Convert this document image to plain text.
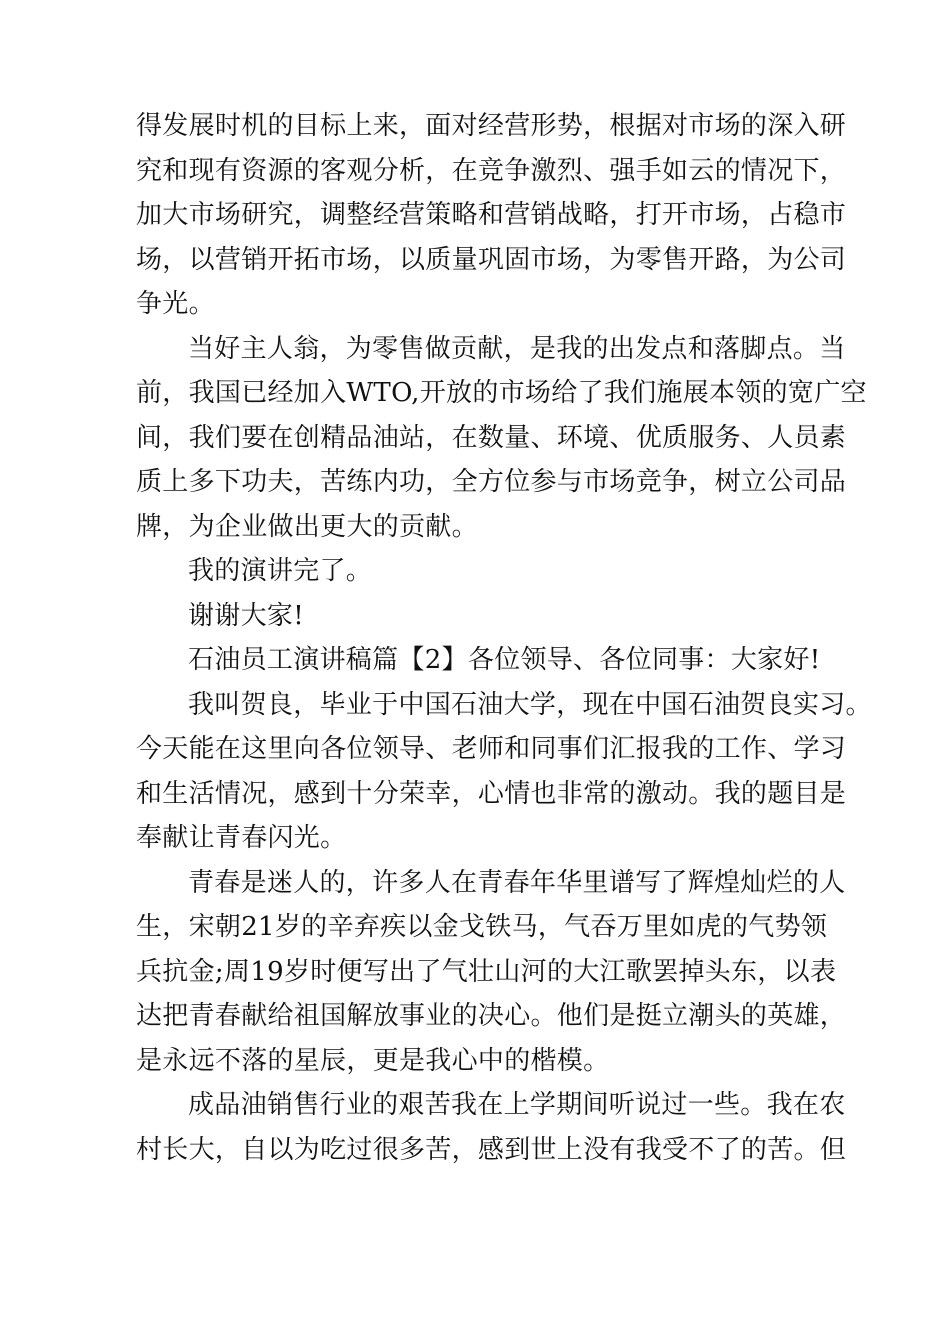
得发展时机的目标上来，面对经营形势，根据对市场的深入研
究和现有资源的客观分析，在竞争激烈、强手如云的情况下，
加大市场研究，调整经营策略和营销战略，打开市场，占稳市
场，以营销开拓市场，以质量巩固市场，为零售开路，为公司
争光。
当好主人翁，为零售做贡献，是我的出发点和落脚点。当
前，我国已经加入WTO,开放的市场给了我们施展本领的宽广空
间，我们要在创精品油站，在数量、环境、优质服务、人员素
质上多下功夫，苦练内功，全方位参与市场竞争，树立公司品
牌，为企业做出更大的贡献。
我的演讲完了。
谢谢大家!
石油员工演讲稿篇【2】各位领导、各位同事：大家好!
我叫贺良，毕业于中国石油大学，现在中国石油贺良实习。
今天能在这里向各位领导、老师和同事们汇报我的工作、学习
和生活情况，感到十分荣幸，心情也非常的激动。我的题目是
奉献让青春闪光。
青春是迷人的，许多人在青春年华里谱写了辉煌灿烂的人
生，宋朝21岁的辛弃疾以金戈铁马，气吞万里如虎的气势领
兵抗金;周19岁时便写出了气壮山河的大江歌罢掉头东，以表
达把青春献给祖国解放事业的决心。他们是挺立潮头的英雄，
是永远不落的星辰，更是我心中的楷模。
成品油销售行业的艰苦我在上学期间听说过一些。我在农
村长大，自以为吃过很多苦，感到世上没有我受不了的苦。但
